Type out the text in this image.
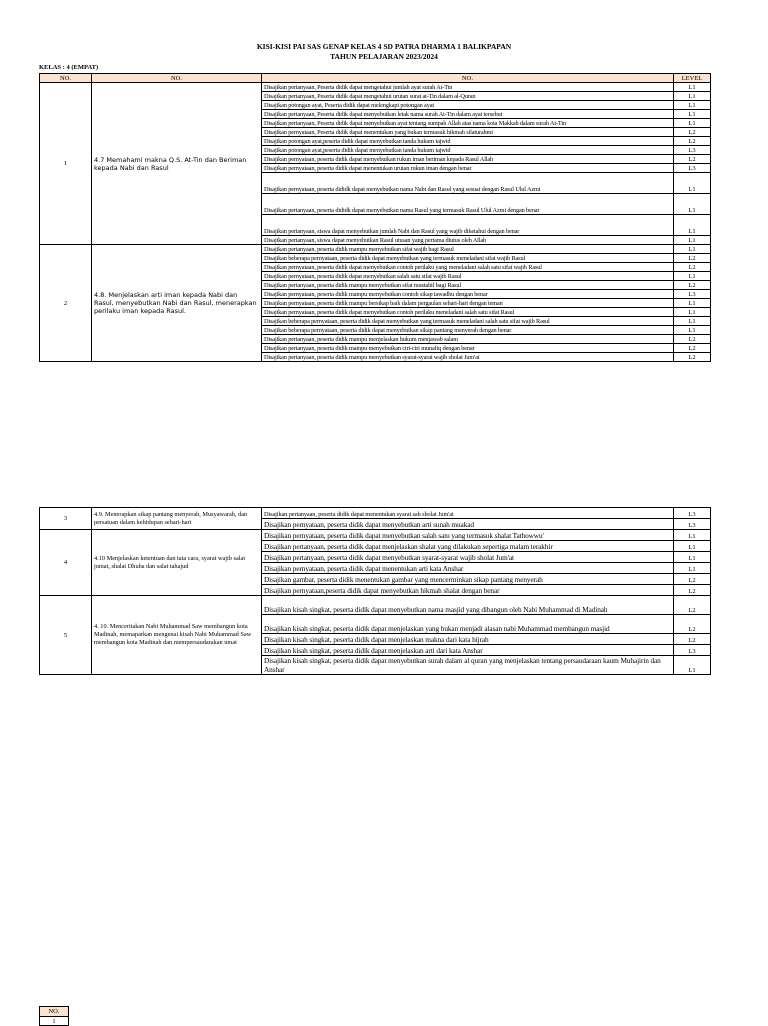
KISI-KISI PAI SAS GENAP KELAS 4 SD PATRA DHARMA 1 BALIKPAPAN
TAHUN PELAJARAN 2023/2024
KELAS : 4 (EMPAT)
NO.	NO.	NO.	LEVEL
1	4.7 Memahami makna Q.S. At-Tin dan Beriman kepada Nabi dan Rasul	Disajikan pertanyaan, Peserta didik dapat mengetahui jumlah ayat surah At-Tin	L1
		Disajikan pertanyaan, Peserta didik dapat mengetahui urutan surat at-Tin dalam al-Quran	L1
		Disajikan potongan ayat, Peserta didik dapat melengkapi potongan ayat	L1
		Disajikan pertanyaan, Peserta didik dapat menyebutkan letak nama surah At-Tin dalam ayat tersebut	L1
		Disajikan pertanyaan, Peserta didik dapat menyebutkan ayat tentang sumpah Allah atas nama kota Makkah dalam surah At-Tin	L1
		Disajikan pernyataan, Peserta didik dapat menentukan yang bukan termasuk hikmah silaturahmi	L2
		Disajikan potongan ayat,peserta didik dapat menyebutkan tanda hukum tajwid	L2
		Disajikan potongan ayat,peserta didik dapat menyebutkan tanda hukum tajwid	L3
		Disajikan pernyataan, peserta didik dapat menyebutkan rukun iman beriman kepada Rasul Allah	L2
		Disajikan pernyataan, peserta didik dapat menentukan urutan rukun iman dengan benar	L3
		Disajikan pernyataan, peserta dididk dapat menyebutkan nama Nabi dan Rasul yang sesuai dengan Rasul Ulul Azmi	L1
		Disajikan pertanyaan, peserta dididk dapat menyebutkan nama Rasul yang termasuk Rasul Ulul Azmi dengan benar	L1
		Disajikan pertanyaan, siswa dapat menyebutkan jumlah Nabi dan Rasul yang wajib diketahui dengan benar	L1
		Disajikan pertanyaan, siswa dapat menyebutkan Rasul utusan yang pertama diutus oleh Allah	L1
2	4.8. Menjelaskan arti iman kepada Nabi dan Rasul, menyebutkan Nabi dan Rasul, menerapkan perilaku iman kepada Rasul.	Disajikan pertanyaan, peserta didik mampu menyebutkan sifat wajib bagi Rasul	L1
		Disajikan beberapa pernyataan, peserta didik dapat menyebutkan yang termasuk meneladani sifat wajib Rasul	L2
		Disajikan pernyataan, peserta didik dapat menyebutkan contoh perilaku yang meneladani salah satu sifat wajib Rasul	L2
		Disajikan pernyataan, peserta didik dapat menyebutkan salah satu sifat wajib Rasul	L1
		Disajikan pertanyaan, peserta didik mampu menyebutkan sifat mustahil bagi Rasul	L2
		Disajikan pernyataan, peserta didik mampu menyebutkan contoh sikap tawadhu dengan benar	L3
		Disajikan pernyataan, peserta didik mampu bersikap baik dalam pergaulan sehari-hari dengan teman	L1
		Disajikan pernyataan, peserta didik dapat menyebutkan contoh perilaku meneladani salah satu sifat Rasul	L1
		Disajikan beberapa pernyataan, peserta didik dapat menyebutkan yang termasuk meneladani salah satu sifat wajib Rasul	L1
		Disajikan beberapa pernyataan, peserta didik dapat menyebutkan sikap pantang menyerah dengan benar	L1
		Disajikan pertanyaan, peserta didik mampu menjelaskan hukum menjawab salam	L2
		Disajikan pertanyaan, peserta didik mampu menyebutkan ciri-ciri munafiq dengan benar	L2
		Disajikan pertanyaan, peserta didik mampu menyebutkan syarat-syarat wajib sholat Jum'at	L2
3	4.9. Menerapkan sikap pantang menyerah, Musyawarah, dan persatuan dalam kehidupan sehari-hari	Disajikan pertanyaan, peserta didik dapat menentukan syarat sah sholat Jum'at	L3
		Disajikan pernyataan, peserta didik dapat menyebutkan arti sunah muakad	L3
4	4.10 Menjelaskan ketentuan dan tata cara, syarat wajib salat jumat, shalat Dhuha dan salat tahajud	Disajikan pernyataan, peserta didik dapat menyebutkan salah satu yang termasuk shalat Tathowwu'	L1
		Disajikan pertanyaan, peserta didik dapat menjelaskan shalat yang dilakukan sepertiga malam terakhir	L1
		Disajikan pertanyaan, peserta didik dapat menyebutkan syarat-syarat wajib sholat Jum'at	L1
		Disajikan pernyataan, peserta didik dapat menentukan arti kata Anshar	L1
		Disajikan gambar, peserta didik menentukan gambar yang mencerminkan sikap pantang menyerah	L2
		Disajikan pernyataan,peserta didik dapat menyebutkan hikmah shalat dengan benar	L2
5	4. 10. Menceritakan Nabi Muhammad Saw membangun kota Madinah, memaparkan mengenai kisah Nabi Muhammad Saw membangun kota Madinah dan mempersaudarakan umat	Disajikan kisah singkat, peserta didik dapat menyebutkan nama masjid yang dibangun oleh Nabi Muhammad di Madinah	L2
		Disajikan kisah singkat, peserta didik dapat menjelaskan yang bukan menjadi alasan nabi Muhammad membangun masjid	L2
		Disajikan kisah singkat, peserta didik dapat menjelaskan makna dari kata hijrah	L2
		Disajikan kisah singkat, peserta didik dapat menjelaskan arti dari kata Anshar	L3
		Disajikan kisah singkat, peserta didik dapat menyebutkan surah dalam al quran yang menjelaskan tentang persaudaraan kaum Muhajirin dan Anshar	L1
NO.
1
